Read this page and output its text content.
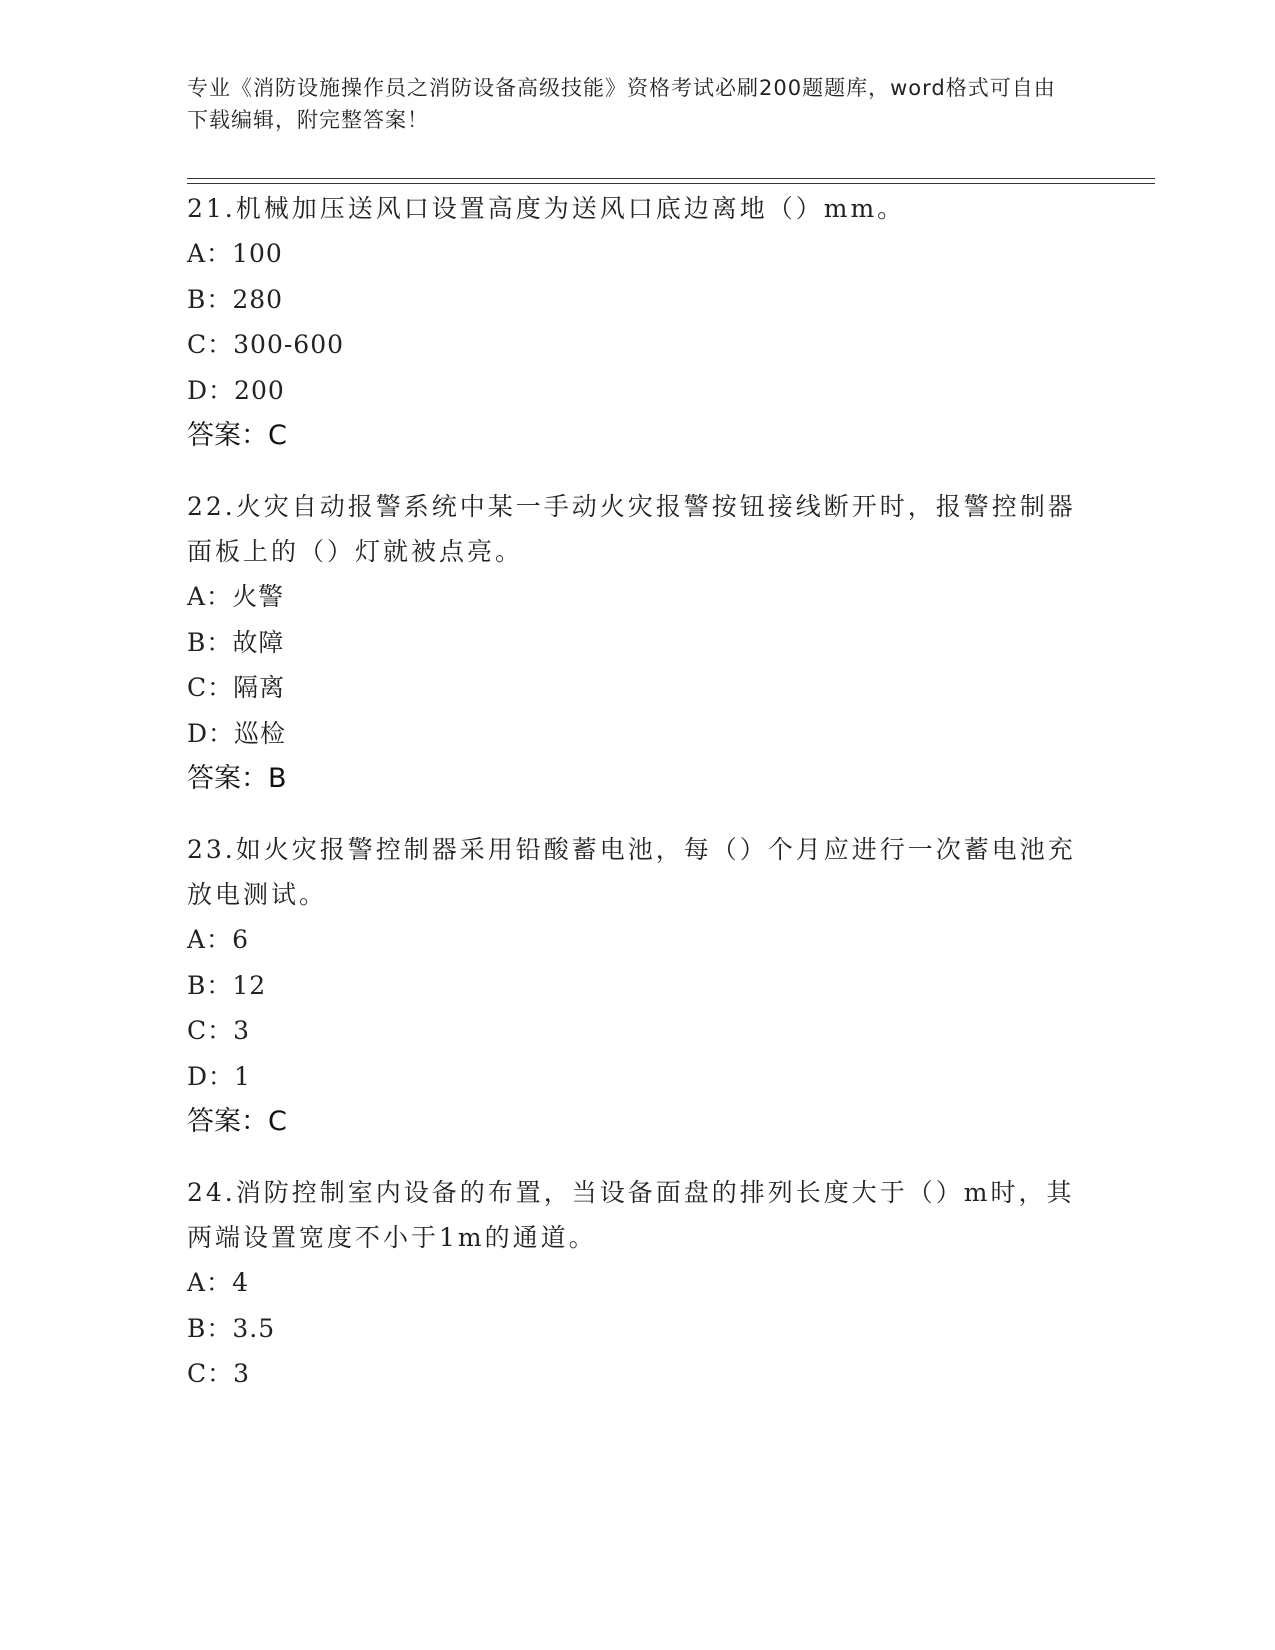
专业《消防设施操作员之消防设备高级技能》资格考试必刷200题题库，word格式可自由下载编辑，附完整答案！

21.机械加压送风口设置高度为送风口底边离地（）mm。

A：100

B：280

C：300-600

D：200

答案：C

22.火灾自动报警系统中某一手动火灾报警按钮接线断开时，报警控制器面板上的（）灯就被点亮。

A：火警

B：故障

C：隔离

D：巡检

答案：B

23.如火灾报警控制器采用铅酸蓄电池，每（）个月应进行一次蓄电池充放电测试。

A：6

B：12

C：3

D：1

答案：C

24.消防控制室内设备的布置，当设备面盘的排列长度大于（）m时，其两端设置宽度不小于1m的通道。

A：4

B：3.5

C：3
